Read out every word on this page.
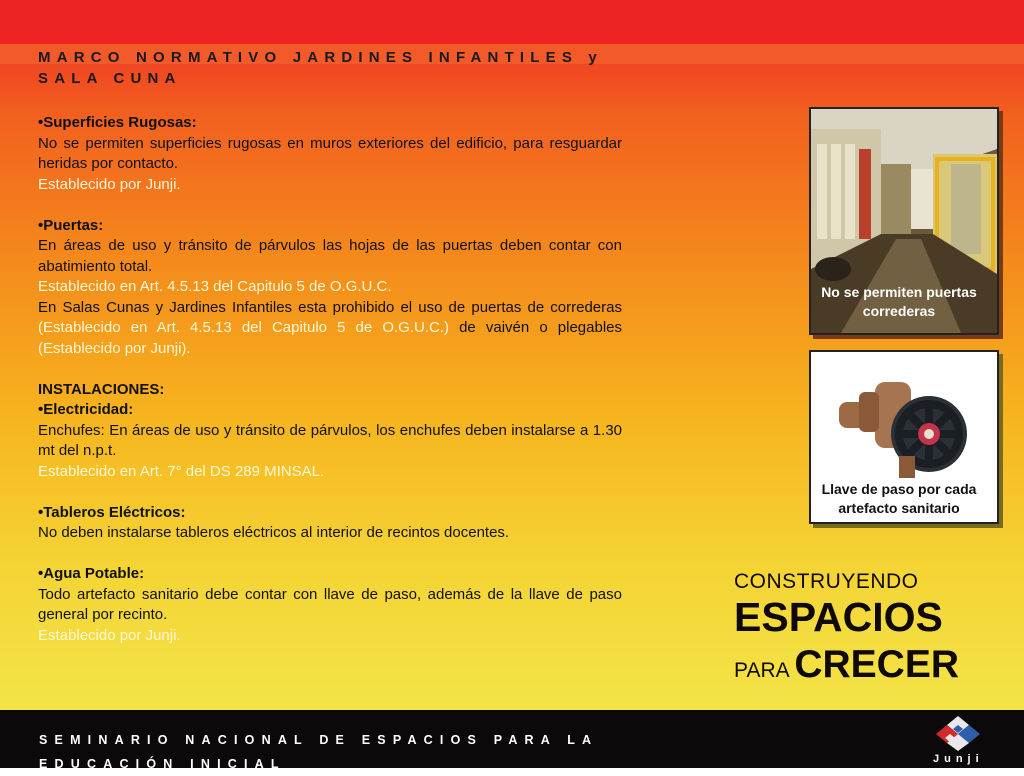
MARCO NORMATIVO JARDINES INFANTILES y SALA CUNA

•Superficies Rugosas:

No se permiten superficies rugosas en muros exteriores del edificio, para resguardar heridas por contacto.

Establecido por Junji.

•Puertas:

En áreas de uso y tránsito de párvulos las hojas de las puertas deben contar con abatimiento total.

Establecido en Art. 4.5.13 del Capitulo 5 de O.G.U.C.

En Salas Cunas y Jardines Infantiles esta prohibido el uso de puertas de correderas (Establecido en Art. 4.5.13 del Capitulo 5 de O.G.U.C.) de vaivén o plegables (Establecido por Junji).

INSTALACIONES:

•Electricidad:

Enchufes: En áreas de uso y tránsito de párvulos, los enchufes deben instalarse a 1.30 mt del n.p.t.

Establecido en Art. 7° del DS 289 MINSAL.

•Tableros Eléctricos:

No deben instalarse tableros eléctricos al interior de recintos docentes.

•Agua Potable:

Todo artefacto sanitario debe contar con llave de paso, además de la llave de paso general por recinto.

Establecido por Junji.

No se permiten puertas correderas
Llave de paso por cada artefacto sanitario
CONSTRUYENDO
ESPACIOS
PARA CRECER
SEMINARIO NACIONAL DE ESPACIOS PARA LA EDUCACIÓN INICIAL	Junji
